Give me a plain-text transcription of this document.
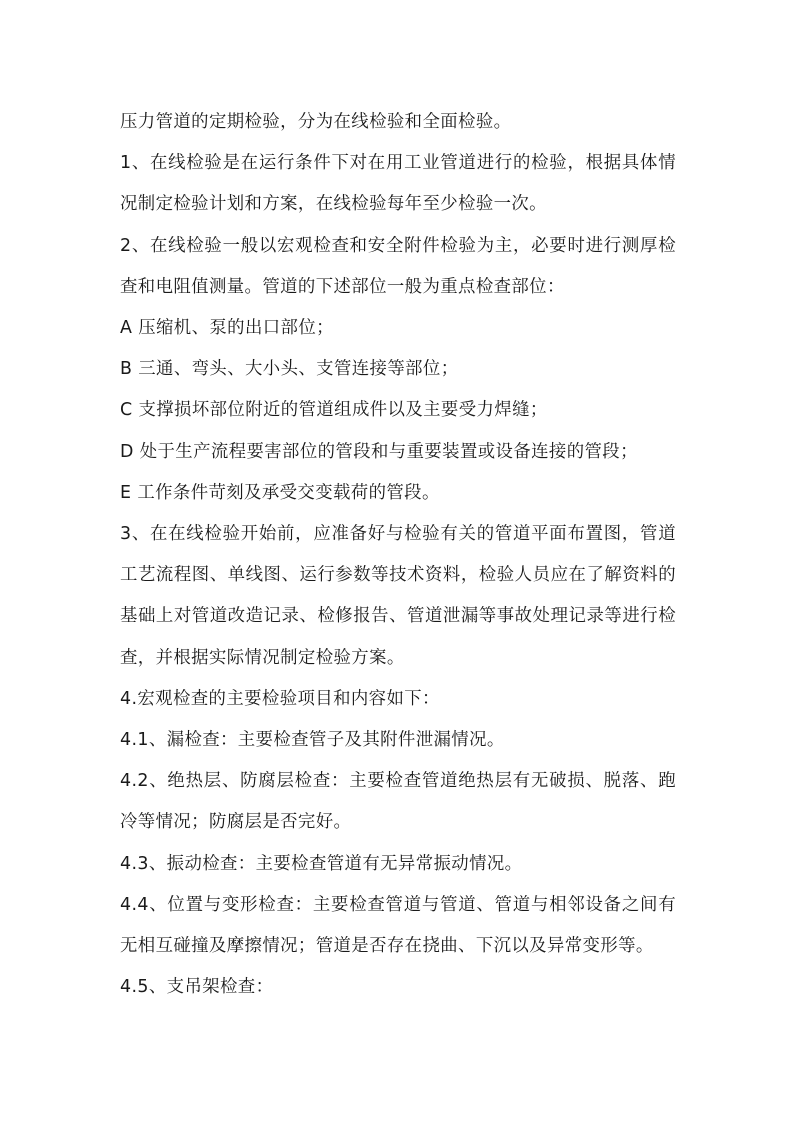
压力管道的定期检验，分为在线检验和全面检验。

1、在线检验是在运行条件下对在用工业管道进行的检验，根据具体情况制定检验计划和方案，在线检验每年至少检验一次。

2、在线检验一般以宏观检查和安全附件检验为主，必要时进行测厚检查和电阻值测量。管道的下述部位一般为重点检查部位：

A 压缩机、泵的出口部位；

B 三通、弯头、大小头、支管连接等部位；

C 支撑损坏部位附近的管道组成件以及主要受力焊缝；

D 处于生产流程要害部位的管段和与重要装置或设备连接的管段；

E 工作条件苛刻及承受交变载荷的管段。

3、在在线检验开始前，应准备好与检验有关的管道平面布置图，管道工艺流程图、单线图、运行参数等技术资料，检验人员应在了解资料的基础上对管道改造记录、检修报告、管道泄漏等事故处理记录等进行检查，并根据实际情况制定检验方案。

4.宏观检查的主要检验项目和内容如下：

4.1、漏检查：主要检查管子及其附件泄漏情况。

4.2、绝热层、防腐层检查：主要检查管道绝热层有无破损、脱落、跑冷等情况；防腐层是否完好。

4.3、振动检查：主要检查管道有无异常振动情况。

4.4、位置与变形检查：主要检查管道与管道、管道与相邻设备之间有无相互碰撞及摩擦情况；管道是否存在挠曲、下沉以及异常变形等。

4.5、支吊架检查：
